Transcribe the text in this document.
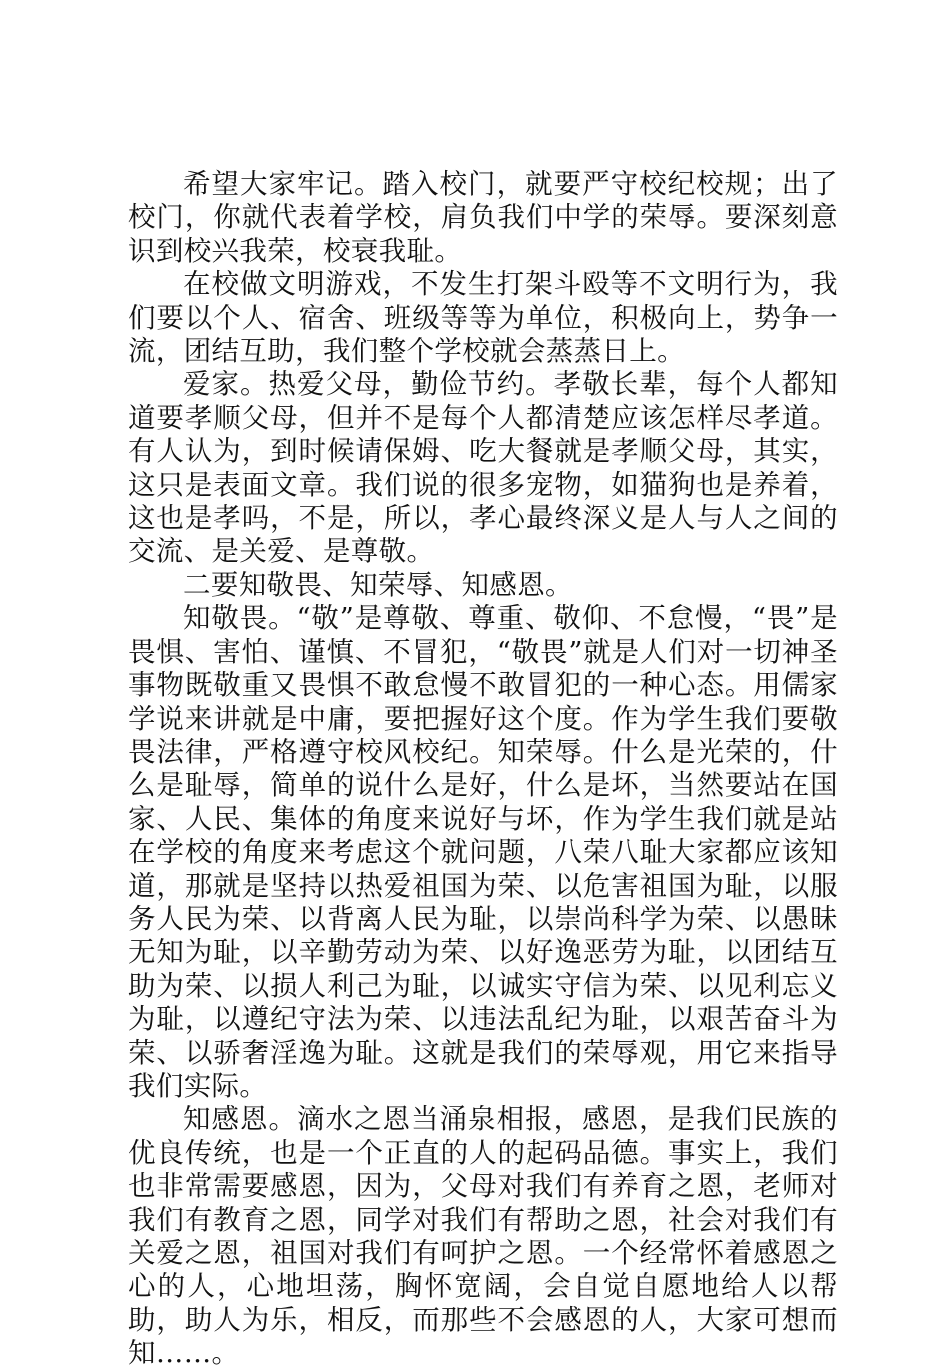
希望大家牢记。踏入校门，就要严守校纪校规；出了校门，你就代表着学校，肩负我们中学的荣辱。要深刻意识到校兴我荣，校衰我耻。

在校做文明游戏，不发生打架斗殴等不文明行为，我们要以个人、宿舍、班级等等为单位，积极向上，势争一流，团结互助，我们整个学校就会蒸蒸日上。

爱家。热爱父母，勤俭节约。孝敬长辈，每个人都知道要孝顺父母，但并不是每个人都清楚应该怎样尽孝道。有人认为，到时候请保姆、吃大餐就是孝顺父母，其实，这只是表面文章。我们说的很多宠物，如猫狗也是养着，这也是孝吗，不是，所以，孝心最终深义是人与人之间的交流、是关爱、是尊敬。

二要知敬畏、知荣辱、知感恩。

知敬畏。“敬”是尊敬、尊重、敬仰、不怠慢，“畏”是畏惧、害怕、谨慎、不冒犯，“敬畏”就是人们对一切神圣事物既敬重又畏惧不敢怠慢不敢冒犯的一种心态。用儒家学说来讲就是中庸，要把握好这个度。作为学生我们要敬畏法律，严格遵守校风校纪。知荣辱。什么是光荣的，什么是耻辱，简单的说什么是好，什么是坏，当然要站在国家、人民、集体的角度来说好与坏，作为学生我们就是站在学校的角度来考虑这个就问题，八荣八耻大家都应该知道，那就是坚持以热爱祖国为荣、以危害祖国为耻，以服务人民为荣、以背离人民为耻，以崇尚科学为荣、以愚昧无知为耻，以辛勤劳动为荣、以好逸恶劳为耻，以团结互助为荣、以损人利己为耻，以诚实守信为荣、以见利忘义为耻，以遵纪守法为荣、以违法乱纪为耻，以艰苦奋斗为荣、以骄奢淫逸为耻。这就是我们的荣辱观，用它来指导我们实际。

知感恩。滴水之恩当涌泉相报，感恩，是我们民族的优良传统，也是一个正直的人的起码品德。事实上，我们也非常需要感恩，因为，父母对我们有养育之恩，老师对我们有教育之恩，同学对我们有帮助之恩，社会对我们有关爱之恩，祖国对我们有呵护之恩。一个经常怀着感恩之心的人，心地坦荡，胸怀宽阔，会自觉自愿地给人以帮助，助人为乐，相反，而那些不会感恩的人，大家可想而知……。
